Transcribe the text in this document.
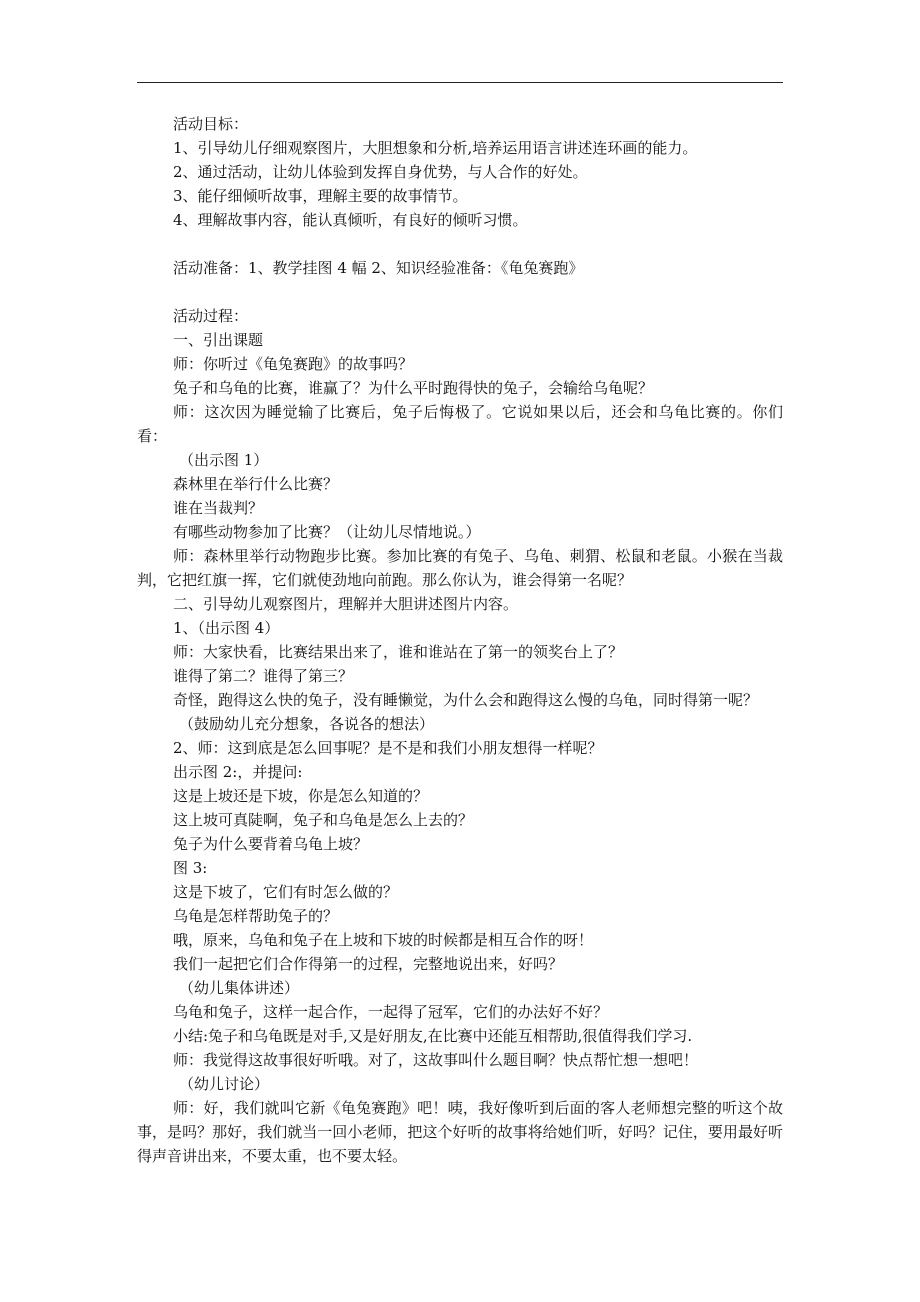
活动目标：
1、引导幼儿仔细观察图片，大胆想象和分析,培养运用语言讲述连环画的能力。
2、通过活动，让幼儿体验到发挥自身优势，与人合作的好处。
3、能仔细倾听故事，理解主要的故事情节。
4、理解故事内容，能认真倾听，有良好的倾听习惯。
活动准备：1、教学挂图 4 幅 2、知识经验准备：《龟兔赛跑》
活动过程：
一、引出课题
师：你听过《龟兔赛跑》的故事吗？
兔子和乌龟的比赛，谁赢了？为什么平时跑得快的兔子，会输给乌龟呢？
师：这次因为睡觉输了比赛后，兔子后悔极了。它说如果以后，还会和乌龟比赛的。你们看：
（出示图 1）
森林里在举行什么比赛？
谁在当裁判？
有哪些动物参加了比赛？（让幼儿尽情地说。）
师：森林里举行动物跑步比赛。参加比赛的有兔子、乌龟、刺猬、松鼠和老鼠。小猴在当裁判，它把红旗一挥，它们就使劲地向前跑。那么你认为，谁会得第一名呢？
二、引导幼儿观察图片，理解并大胆讲述图片内容。
1、（出示图 4）
师：大家快看，比赛结果出来了，谁和谁站在了第一的领奖台上了？
谁得了第二？谁得了第三？
奇怪，跑得这么快的兔子，没有睡懒觉，为什么会和跑得这么慢的乌龟，同时得第一呢？
（鼓励幼儿充分想象，各说各的想法）
2、师：这到底是怎么回事呢？是不是和我们小朋友想得一样呢？
出示图 2:，并提问:
这是上坡还是下坡，你是怎么知道的？
这上坡可真陡啊，兔子和乌龟是怎么上去的？
兔子为什么要背着乌龟上坡？
图 3:
这是下坡了，它们有时怎么做的？
乌龟是怎样帮助兔子的？
哦，原来，乌龟和兔子在上坡和下坡的时候都是相互合作的呀！
我们一起把它们合作得第一的过程，完整地说出来，好吗？
（幼儿集体讲述）
乌龟和兔子，这样一起合作，一起得了冠军，它们的办法好不好？
小结:兔子和乌龟既是对手,又是好朋友,在比赛中还能互相帮助,很值得我们学习.
师：我觉得这故事很好听哦。对了，这故事叫什么题目啊？快点帮忙想一想吧！
（幼儿讨论）
师：好，我们就叫它新《龟兔赛跑》吧！咦，我好像听到后面的客人老师想完整的听这个故事，是吗？那好，我们就当一回小老师，把这个好听的故事将给她们听，好吗？记住，要用最好听得声音讲出来，不要太重，也不要太轻。
